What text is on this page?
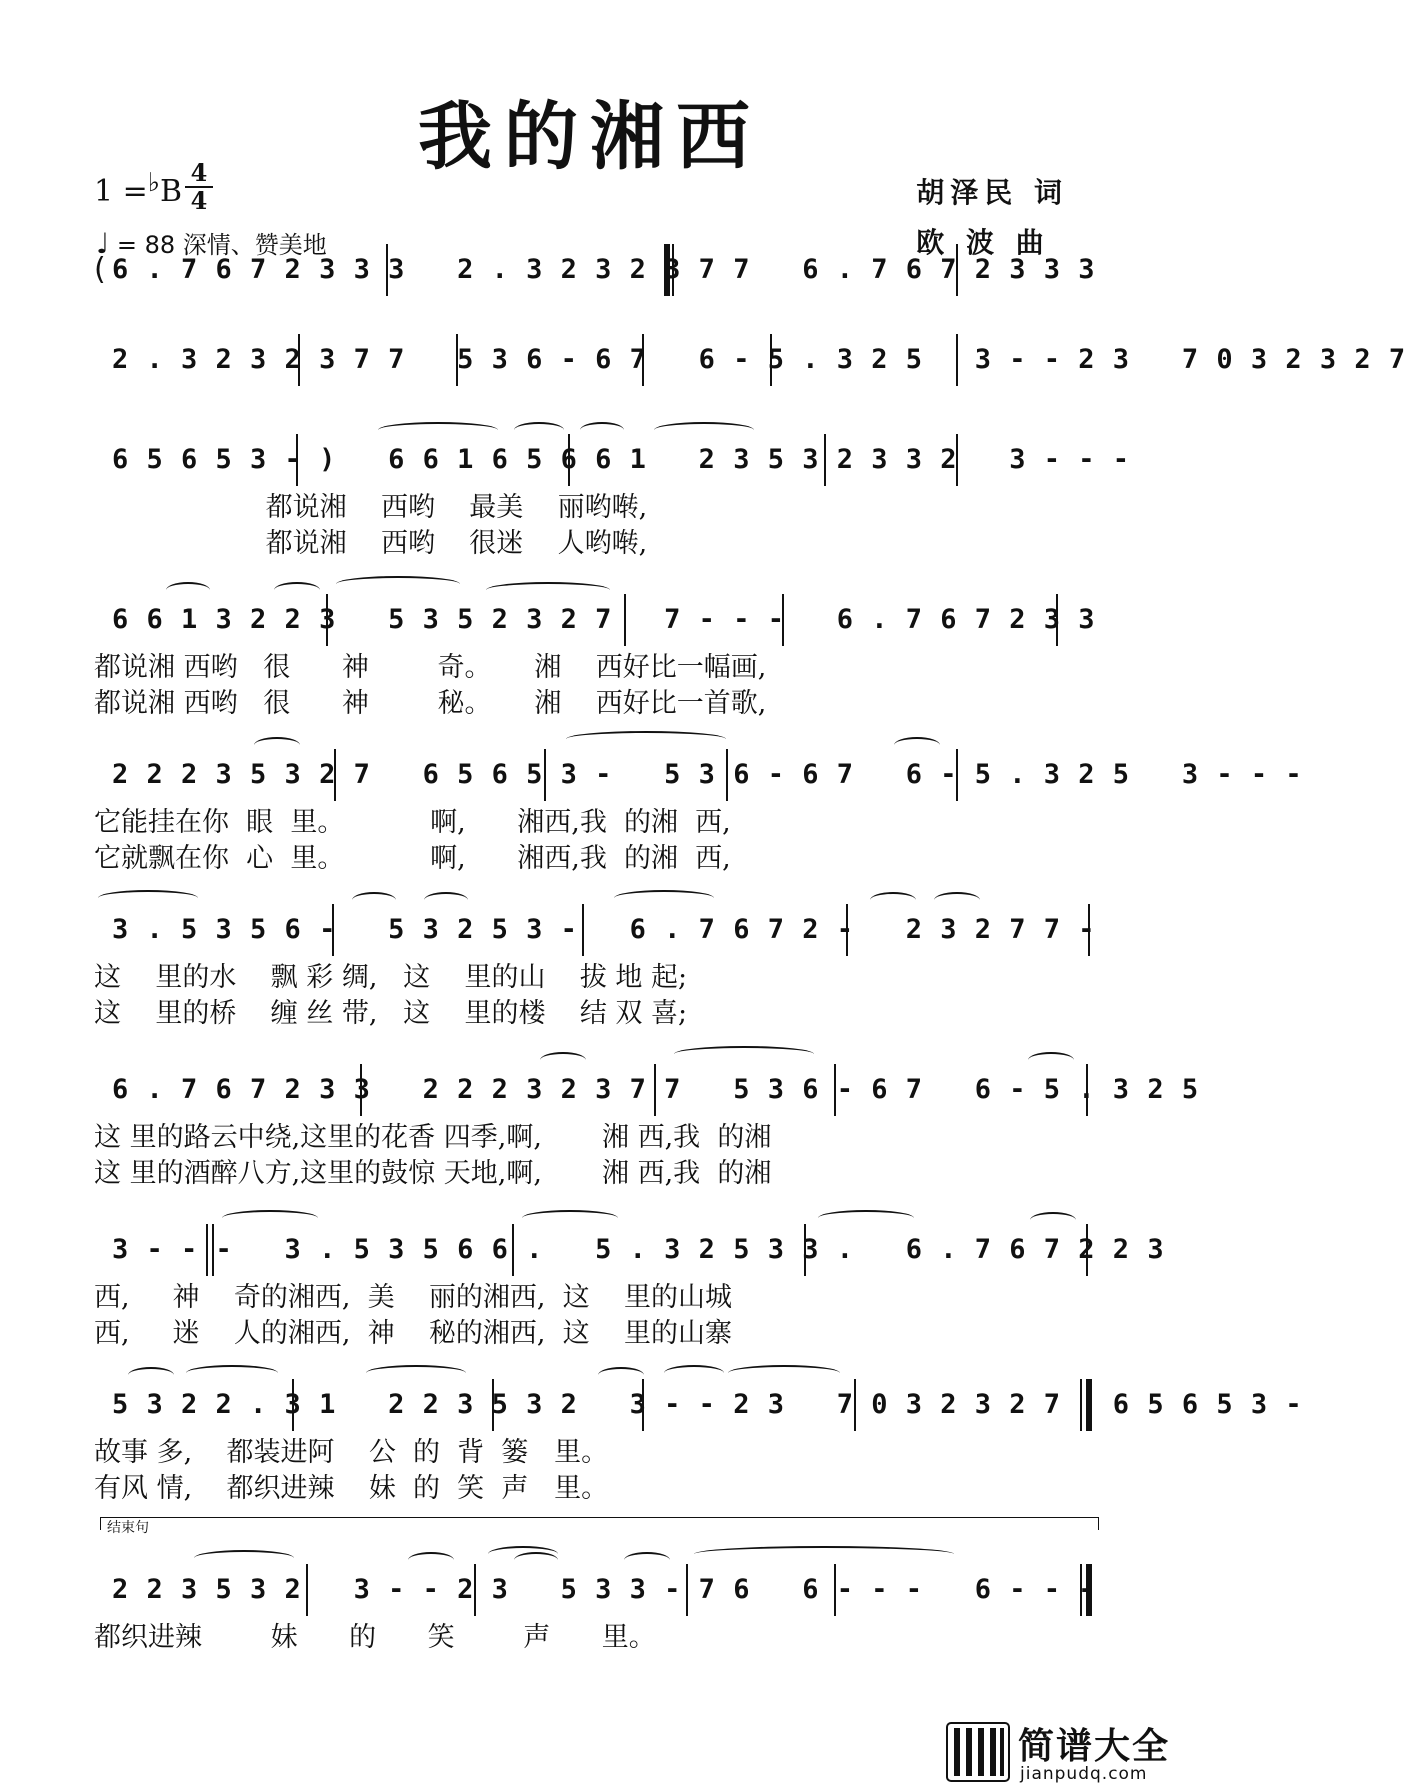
我的湘西
1 =♭B
4
4
♩ = 88 深情、赞美地
胡泽民 词
欧 波 曲
( 6 . 7 6 7 2 3 3 3   2 . 3 2 3 2 3 7 7   6 . 7 6 7 2 3 3 3
2 . 3 2 3 2 3 7 7   5 3 6 - 6 7   6 - 5 . 3 2 5   3 - - 2 3   7 0 3 2 3 2 7
6 5 6 5 3 - )   6 6 1 6 5 6 6 1   2 3 5 3 2 3 3 2   3 - - -
都说湘    西哟    最美    丽哟啭,
都说湘    西哟    很迷    人哟啭,
6 6 1 3 2 2 3   5 3 5 2 3 2 7   7 - - -   6 . 7 6 7 2 3 3
都说湘 西哟   很      神        奇。     湘    西好比一幅画,
都说湘 西哟   很      神        秘。     湘    西好比一首歌,
2 2 2 3 5 3 2 7   6 5 6 5 3 -   5 3 6 - 6 7   6 - 5 . 3 2 5   3 - - -
它能挂在你  眼  里。          啊,      湘西,我  的湘  西,
它就飘在你  心  里。          啊,      湘西,我  的湘  西,
3 . 5 3 5 6 -   5 3 2 5 3 -   6 . 7 6 7 2 -   2 3 2 7 7 -
这    里的水    飘 彩 绸,   这    里的山    拔 地 起;
这    里的桥    缠 丝 带,   这    里的楼    结 双 喜;
6 . 7 6 7 2 3 3   2 2 2 3 2 3 7 7   5 3 6 - 6 7   6 - 5 . 3 2 5
这 里的路云中绕,这里的花香 四季,啊,       湘 西,我  的湘
这 里的酒醉八方,这里的鼓惊 天地,啊,       湘 西,我  的湘
3 - - -   3 . 5 3 5 6 6 .   5 . 3 2 5 3 3 .   6 . 7 6 7 2 2 3
西,     神    奇的湘西,  美    丽的湘西,  这    里的山城
西,     迷    人的湘西,  神    秘的湘西,  这    里的山寨
5 3 2 2 . 3 1   2 2 3 5 3 2   3 - - 2 3   7 0 3 2 3 2 7   6 5 6 5 3 -
故事 多,    都装进阿    公  的  背  篓   里。
有风 情,    都织进辣    妹  的  笑  声   里。
结束句
2 2 3 5 3 2   3 - - 2 3   5 3 3 - 7 6   6 - - -   6 - - -
都织进辣        妹      的      笑        声      里。
简谱大全
jianpudq.com
